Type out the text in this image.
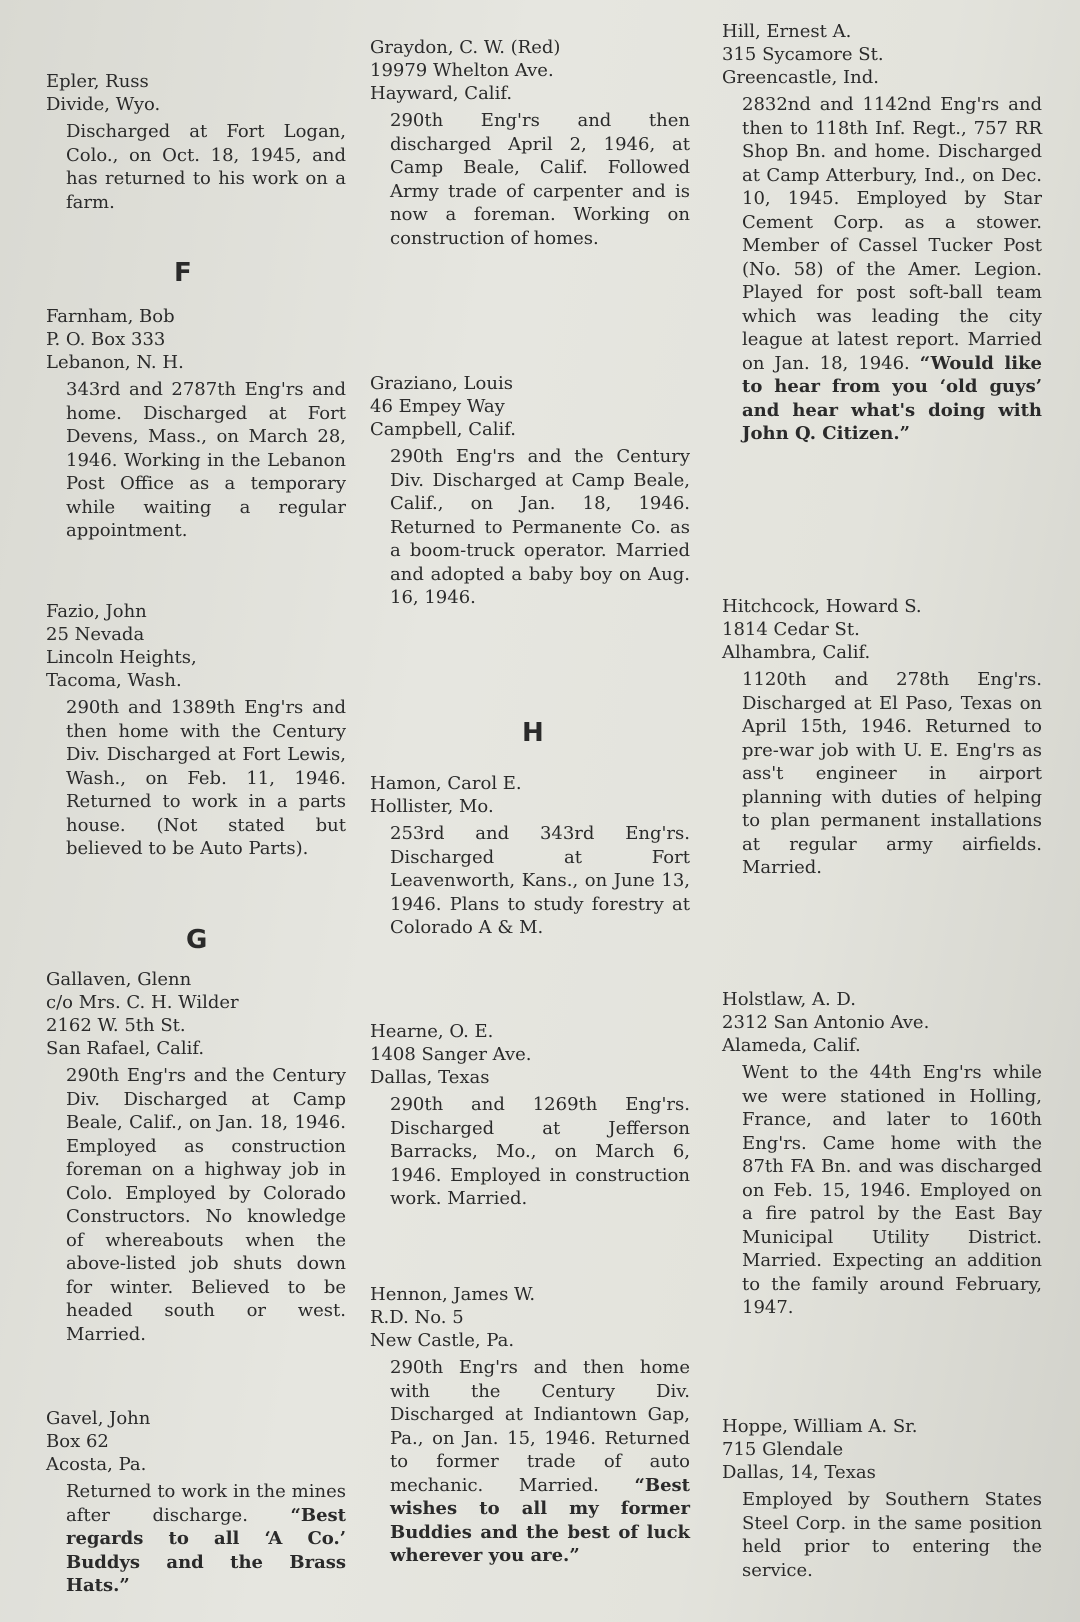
Epler, Russ
Divide, Wyo.
Discharged at Fort Logan, Colo., on Oct. 18, 1945, and has returned to his work on a farm.
F
Farnham, Bob
P. O. Box 333
Lebanon, N. H.
343rd and 2787th Eng'rs and home. Discharged at Fort Devens, Mass., on March 28, 1946. Working in the Lebanon Post Office as a temporary while waiting a regular appointment.
Fazio, John
25 Nevada
Lincoln Heights,
Tacoma, Wash.
290th and 1389th Eng'rs and then home with the Century Div. Discharged at Fort Lewis, Wash., on Feb. 11, 1946. Returned to work in a parts house. (Not stated but believed to be Auto Parts).
G
Gallaven, Glenn
c/o Mrs. C. H. Wilder
2162 W. 5th St.
San Rafael, Calif.
290th Eng'rs and the Century Div. Discharged at Camp Beale, Calif., on Jan. 18, 1946. Employed as construction foreman on a highway job in Colo. Employed by Colorado Constructors. No knowledge of whereabouts when the above-listed job shuts down for winter. Believed to be headed south or west. Married.
Gavel, John
Box 62
Acosta, Pa.
Returned to work in the mines after discharge. “Best regards to all ‘A Co.’ Buddys and the Brass Hats.”
Graydon, C. W. (Red)
19979 Whelton Ave.
Hayward, Calif.
290th Eng'rs and then discharged April 2, 1946, at Camp Beale, Calif. Followed Army trade of carpenter and is now a foreman. Working on construction of homes.
Graziano, Louis
46 Empey Way
Campbell, Calif.
290th Eng'rs and the Century Div. Discharged at Camp Beale, Calif., on Jan. 18, 1946. Returned to Permanente Co. as a boom-truck operator. Married and adopted a baby boy on Aug. 16, 1946.
H
Hamon, Carol E.
Hollister, Mo.
253rd and 343rd Eng'rs. Discharged at Fort Leavenworth, Kans., on June 13, 1946. Plans to study forestry at Colorado A & M.
Hearne, O. E.
1408 Sanger Ave.
Dallas, Texas
290th and 1269th Eng'rs. Discharged at Jefferson Barracks, Mo., on March 6, 1946. Employed in construction work. Married.
Hennon, James W.
R.D. No. 5
New Castle, Pa.
290th Eng'rs and then home with the Century Div. Discharged at Indiantown Gap, Pa., on Jan. 15, 1946. Returned to former trade of auto mechanic. Married. “Best wishes to all my former Buddies and the best of luck wherever you are.”
Hill, Ernest A.
315 Sycamore St.
Greencastle, Ind.
2832nd and 1142nd Eng'rs and then to 118th Inf. Regt., 757 RR Shop Bn. and home. Discharged at Camp Atterbury, Ind., on Dec. 10, 1945. Employed by Star Cement Corp. as a stower. Member of Cassel Tucker Post (No. 58) of the Amer. Legion. Played for post soft-ball team which was leading the city league at latest report. Married on Jan. 18, 1946. “Would like to hear from you ‘old guys’ and hear what's doing with John Q. Citizen.”
Hitchcock, Howard S.
1814 Cedar St.
Alhambra, Calif.
1120th and 278th Eng'rs. Discharged at El Paso, Texas on April 15th, 1946. Returned to pre-war job with U. E. Eng'rs as ass't engineer in airport planning with duties of helping to plan permanent installations at regular army airfields. Married.
Holstlaw, A. D.
2312 San Antonio Ave.
Alameda, Calif.
Went to the 44th Eng'rs while we were stationed in Holling, France, and later to 160th Eng'rs. Came home with the 87th FA Bn. and was discharged on Feb. 15, 1946. Employed on a fire patrol by the East Bay Municipal Utility District. Married. Expecting an addition to the family around February, 1947.
Hoppe, William A. Sr.
715 Glendale
Dallas, 14, Texas
Employed by Southern States Steel Corp. in the same position held prior to entering the service.
